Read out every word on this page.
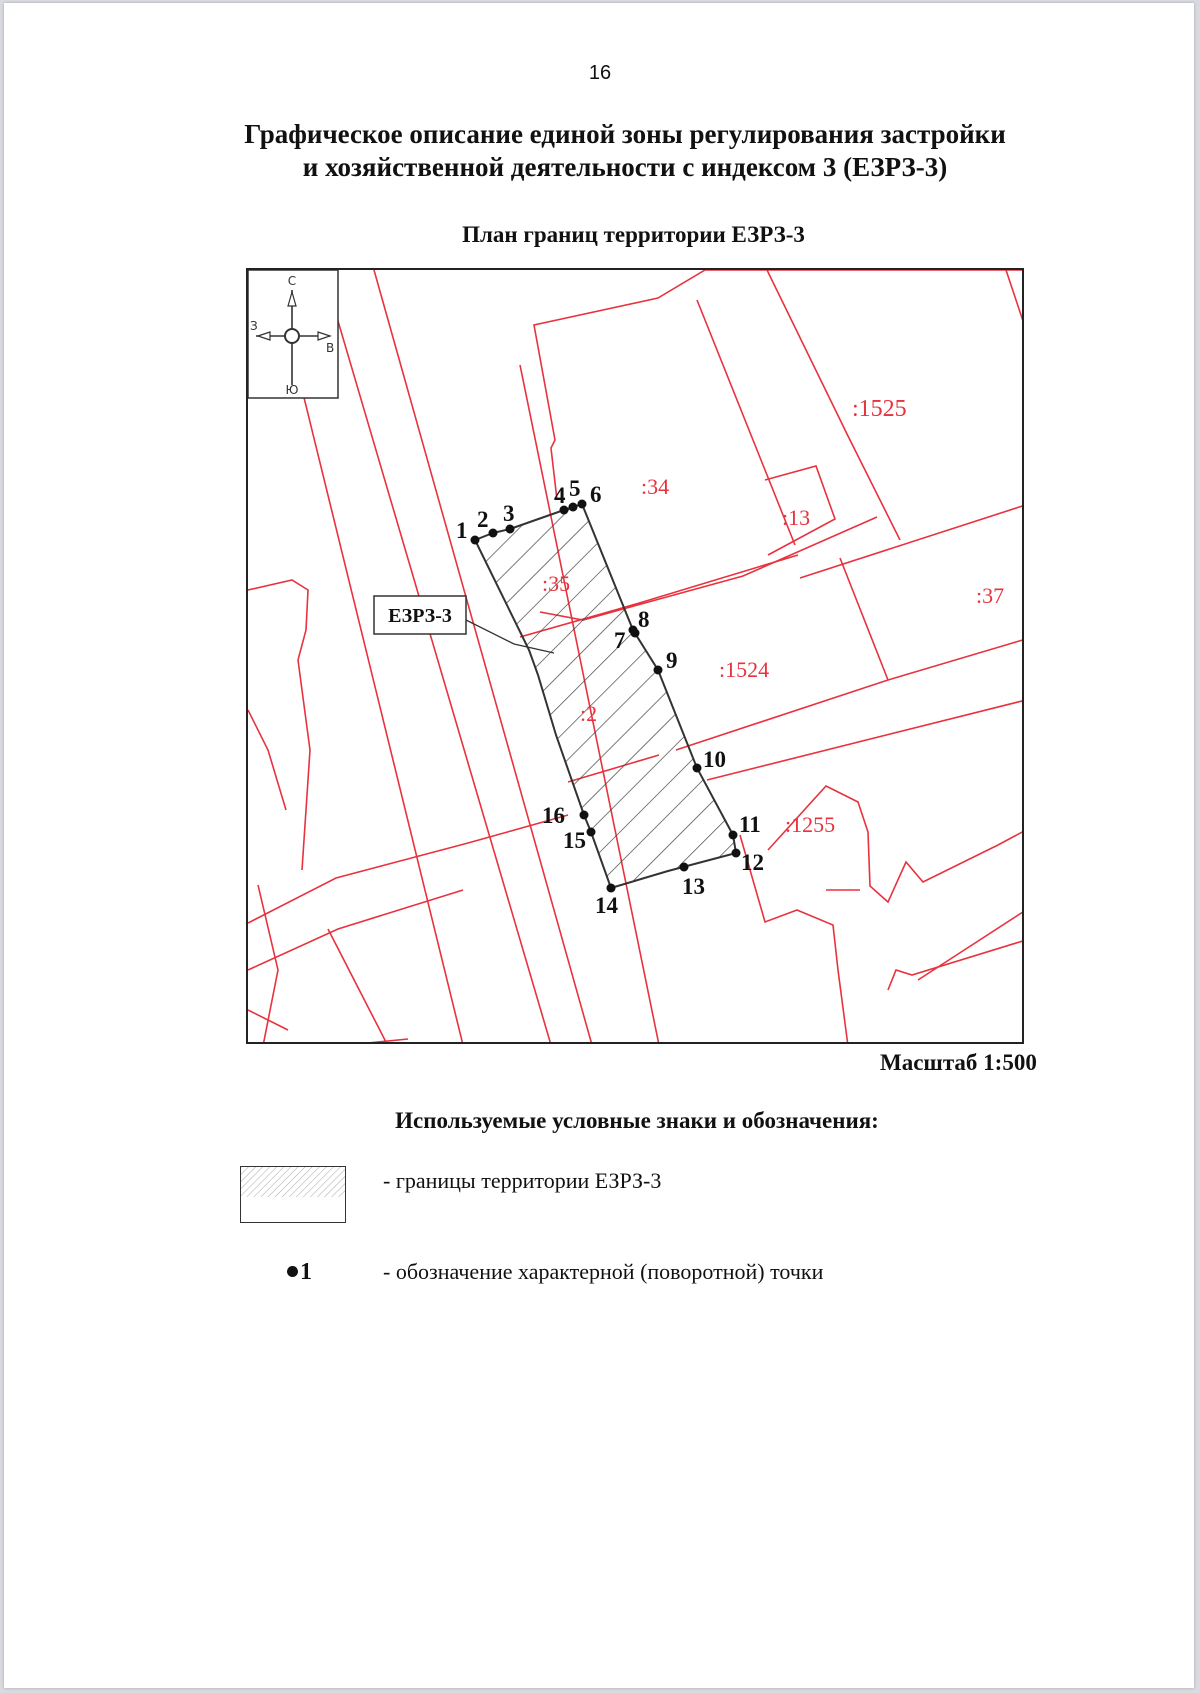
16
Графическое описание единой зоны регулирования застройки
и хозяйственной деятельности с индексом 3 (ЕЗРЗ-3)
План границ территории ЕЗРЗ-3
С
Ю
З
В
ЕЗРЗ-3
:1525
:34
:13
:35	:37
:1524
:2
:1255
1 2 3
4 5 6
7
8
9
10
11
12
13
14
15
16
Масштаб 1:500
Используемые условные знаки и обозначения:
- границы территории ЕЗРЗ-3
1	- обозначение характерной (поворотной) точки
